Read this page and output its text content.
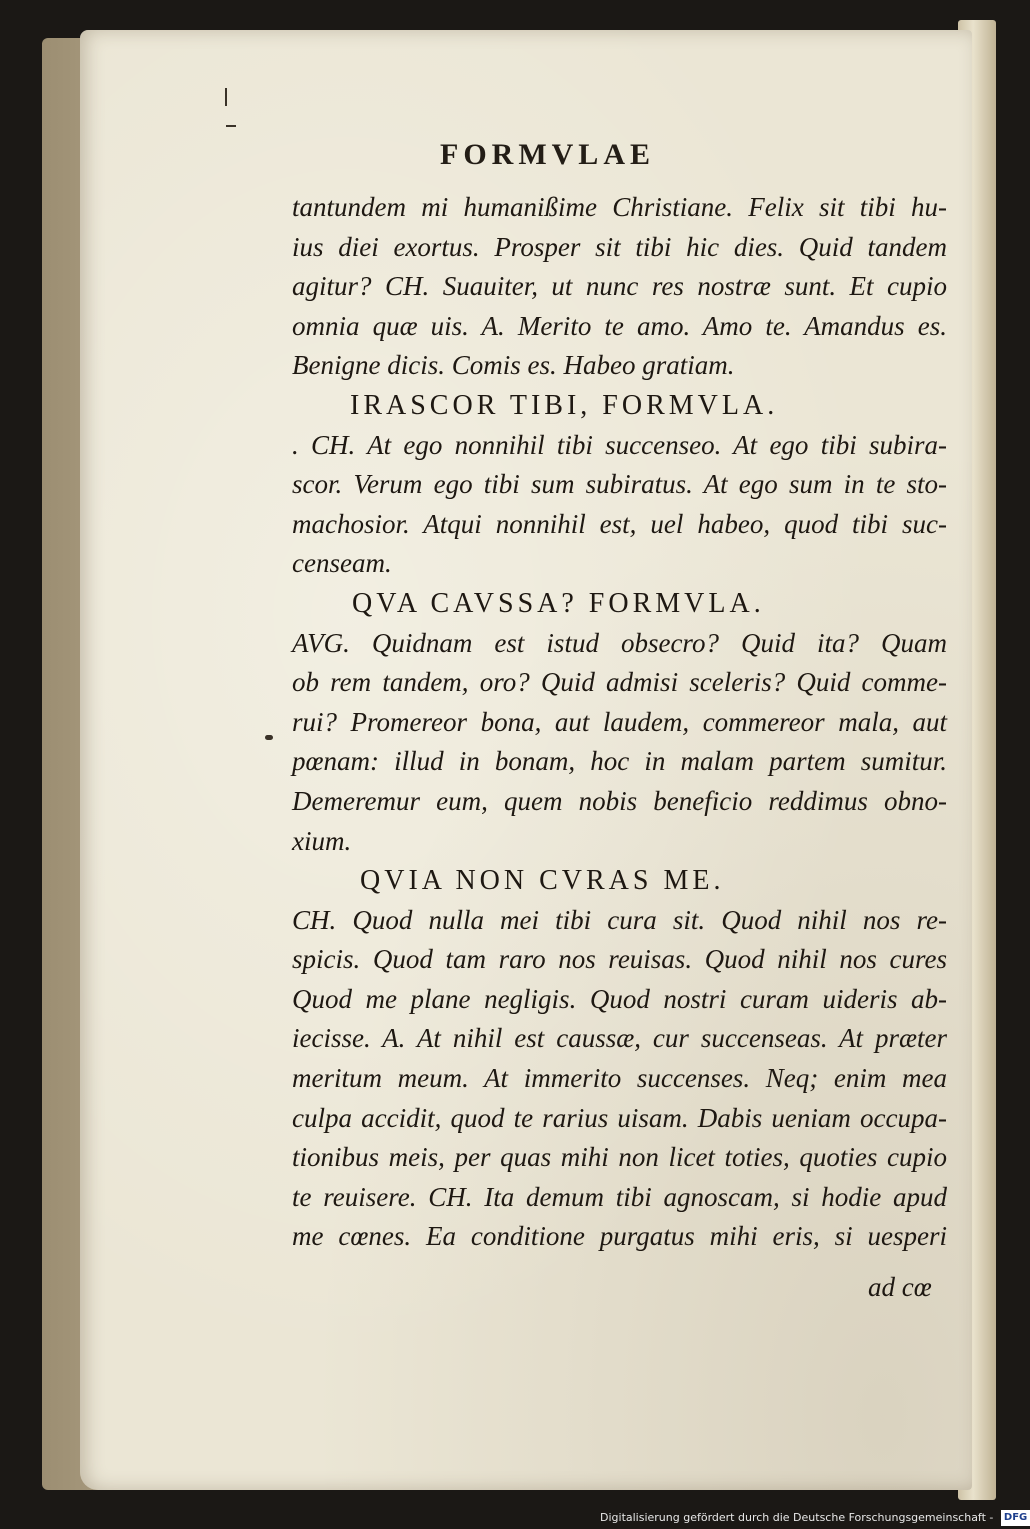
FORMVLAE
tantundem mi humanißime Christiane. Felix sit tibi hu-
ius diei exortus. Prosper sit tibi hic dies. Quid tandem
agitur? CH. Suauiter, ut nunc res nostræ sunt. Et cupio
omnia quæ uis. A. Merito te amo. Amo te. Amandus es.
Benigne dicis. Comis es. Habeo gratiam.
IRASCOR TIBI, FORMVLA.
. CH. At ego nonnihil tibi succenseo. At ego tibi subira-
scor. Verum ego tibi sum subiratus. At ego sum in te sto-
machosior. Atqui nonnihil est, uel habeo, quod tibi suc-
censeam.
QVA CAVSSA? FORMVLA.
AVG. Quidnam est istud obsecro? Quid ita? Quam
ob rem tandem, oro? Quid admisi sceleris? Quid comme-
rui? Promereor bona, aut laudem, commereor mala, aut
pœnam: illud in bonam, hoc in malam partem sumitur.
Demeremur eum, quem nobis beneficio reddimus obno-
xium.
QVIA NON CVRAS ME.
CH. Quod nulla mei tibi cura sit. Quod nihil nos re-
spicis. Quod tam raro nos reuisas. Quod nihil nos cures
Quod me plane negligis. Quod nostri curam uideris ab-
iecisse. A. At nihil est caussæ, cur succenseas. At præter
meritum meum. At immerito succenses. Neq; enim mea
culpa accidit, quod te rarius uisam. Dabis ueniam occupa-
tionibus meis, per quas mihi non licet toties, quoties cupio
te reuisere. CH. Ita demum tibi agnoscam, si hodie apud
me cœnes. Ea conditione purgatus mihi eris, si uesperi
ad cœ
Digitalisierung gefördert durch die Deutsche Forschungsgemeinschaft - DFG
